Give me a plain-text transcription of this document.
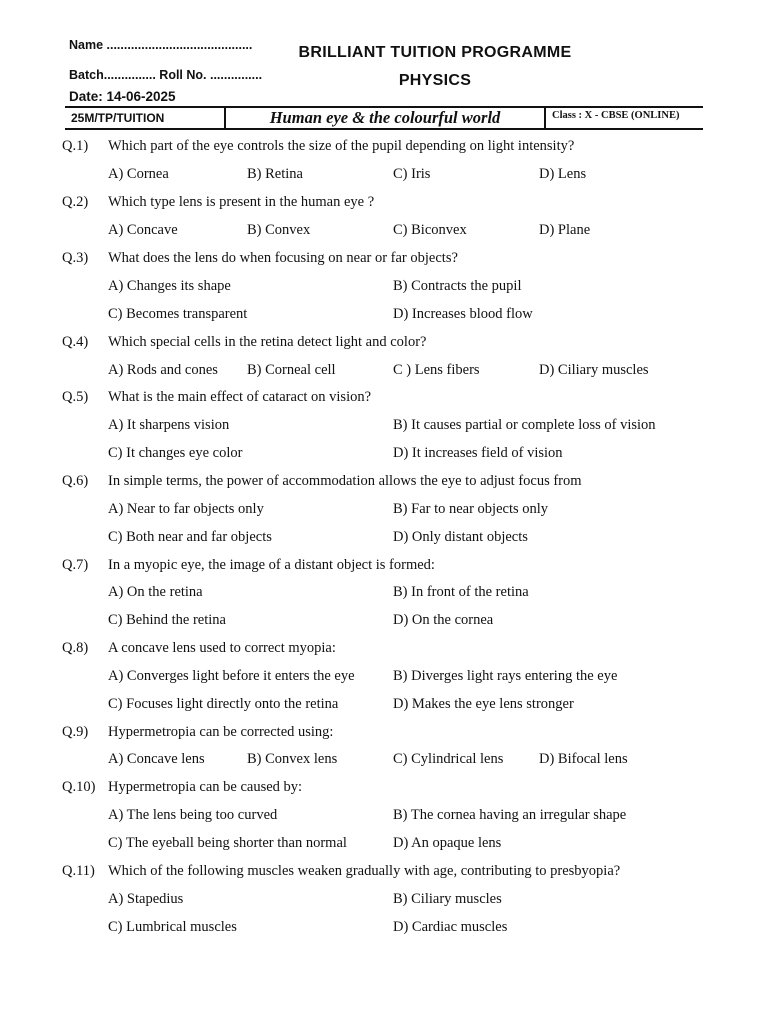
Name ..........................................
Batch............... Roll No. ...............
Date: 14-06-2025
BRILLIANT TUITION PROGRAMME
PHYSICS
25M/TP/TUITION	Human eye & the colourful world	Class : X - CBSE (ONLINE)
Q.1) Which part of the eye controls the size of the pupil depending on light intensity?
A) Cornea	B) Retina	C) Iris	D) Lens
Q.2) Which type lens is present in the human eye ?
A) Concave	B) Convex	C) Biconvex	D) Plane
Q.3) What does the lens do when focusing on near or far objects?
A) Changes its shape	B) Contracts the pupil
C) Becomes transparent	D) Increases blood flow
Q.4) Which special cells in the retina detect light and color?
A) Rods and cones B) Corneal cell	C ) Lens fibers	D) Ciliary muscles
Q.5) What is the main effect of cataract on vision?
A) It sharpens vision	B) It causes partial or complete loss of vision
C) It changes eye color	D) It increases field of vision
Q.6) In simple terms, the power of accommodation allows the eye to adjust focus from
A) Near to far objects only	B) Far to near objects only
C) Both near and far objects	D) Only distant objects
Q.7) In a myopic eye, the image of a distant object is formed:
A) On the retina	B) In front of the retina
C) Behind the retina	D) On the cornea
Q.8) A concave lens used to correct myopia:
A) Converges light before it enters the eye	B) Diverges light rays entering the eye
C) Focuses light directly onto the retina	D) Makes the eye lens stronger
Q.9) Hypermetropia can be corrected using:
A) Concave lens	B) Convex lens	C) Cylindrical lens D) Bifocal lens
Q.10) Hypermetropia can be caused by:
A) The lens being too curved	B) The cornea having an irregular shape
C) The eyeball being shorter than normal	D) An opaque lens
Q.11) Which of the following muscles weaken gradually with age, contributing to presbyopia?
A) Stapedius	B) Ciliary muscles
C) Lumbrical muscles	D) Cardiac muscles
